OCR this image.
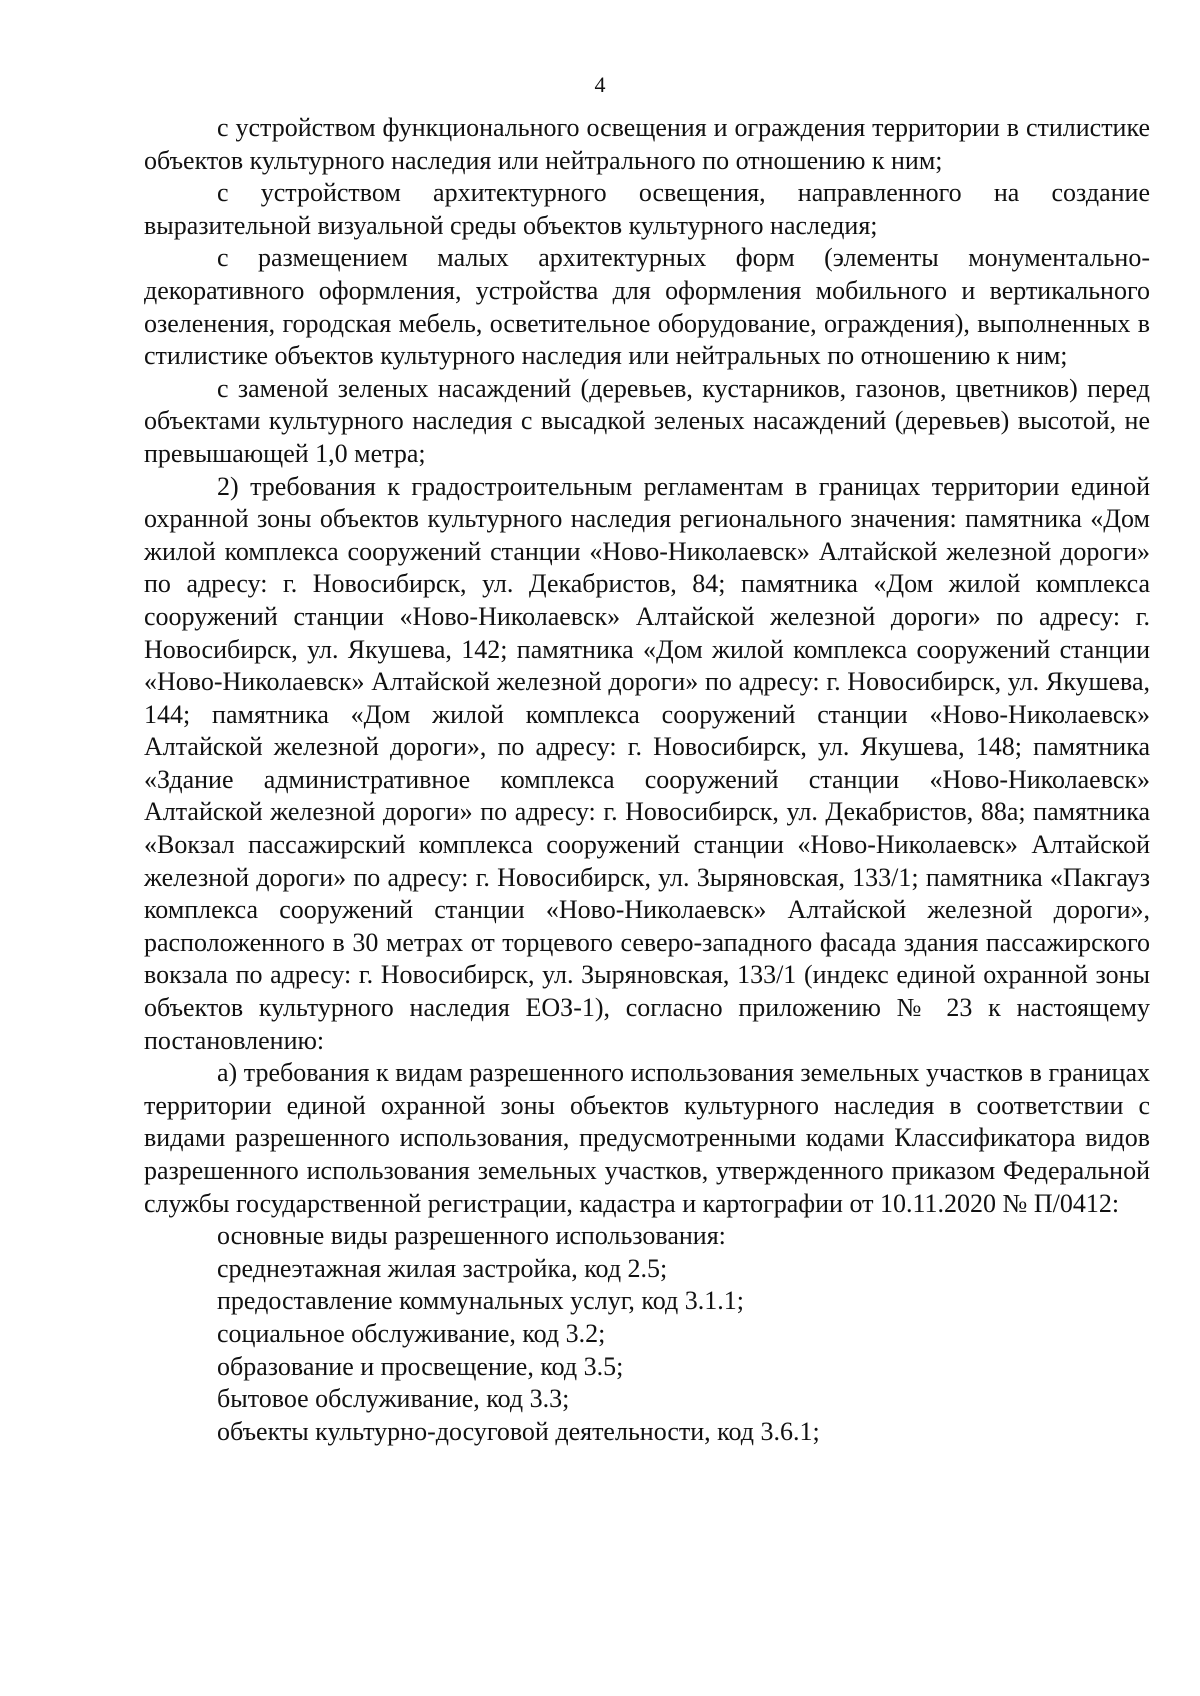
4

с устройством функционального освещения и ограждения территории в стилистике объектов культурного наследия или нейтрального по отношению к ним;

с устройством архитектурного освещения, направленного на создание выразительной визуальной среды объектов культурного наследия;

с размещением малых архитектурных форм (элементы монументально-декоративного оформления, устройства для оформления мобильного и вертикального озеленения, городская мебель, осветительное оборудование, ограждения), выполненных в стилистике объектов культурного наследия или нейтральных по отношению к ним;

с заменой зеленых насаждений (деревьев, кустарников, газонов, цветников) перед объектами культурного наследия с высадкой зеленых насаждений (деревьев) высотой, не превышающей 1,0 метра;

2) требования к градостроительным регламентам в границах территории единой охранной зоны объектов культурного наследия регионального значения: памятника «Дом жилой комплекса сооружений станции «Ново-Николаевск» Алтайской железной дороги» по адресу: г. Новосибирск, ул. Декабристов, 84; памятника «Дом жилой комплекса сооружений станции «Ново-Николаевск» Алтайской железной дороги» по адресу: г. Новосибирск, ул. Якушева, 142; памятника «Дом жилой комплекса сооружений станции «Ново-Николаевск» Алтайской железной дороги» по адресу: г. Новосибирск, ул. Якушева, 144; памятника «Дом жилой комплекса сооружений станции «Ново-Николаевск» Алтайской железной дороги», по адресу: г. Новосибирск, ул. Якушева, 148; памятника «Здание административное комплекса сооружений станции «Ново-Николаевск» Алтайской железной дороги» по адресу: г. Новосибирск, ул. Декабристов, 88а; памятника «Вокзал пассажирский комплекса сооружений станции «Ново-Николаевск» Алтайской железной дороги» по адресу: г. Новосибирск, ул. Зыряновская, 133/1; памятника «Пакгауз комплекса сооружений станции «Ново-Николаевск» Алтайской железной дороги», расположенного в 30 метрах от торцевого северо-западного фасада здания пассажирского вокзала по адресу: г. Новосибирск, ул. Зыряновская, 133/1 (индекс единой охранной зоны объектов культурного наследия ЕОЗ-1), согласно приложению № 23 к настоящему постановлению:

а) требования к видам разрешенного использования земельных участков в границах территории единой охранной зоны объектов культурного наследия в соответствии с видами разрешенного использования, предусмотренными кодами Классификатора видов разрешенного использования земельных участков, утвержденного приказом Федеральной службы государственной регистрации, кадастра и картографии от 10.11.2020 № П/0412:

основные виды разрешенного использования:

среднеэтажная жилая застройка, код 2.5;

предоставление коммунальных услуг, код 3.1.1;

социальное обслуживание, код 3.2;

образование и просвещение, код 3.5;

бытовое обслуживание, код 3.3;

объекты культурно-досуговой деятельности, код 3.6.1;
